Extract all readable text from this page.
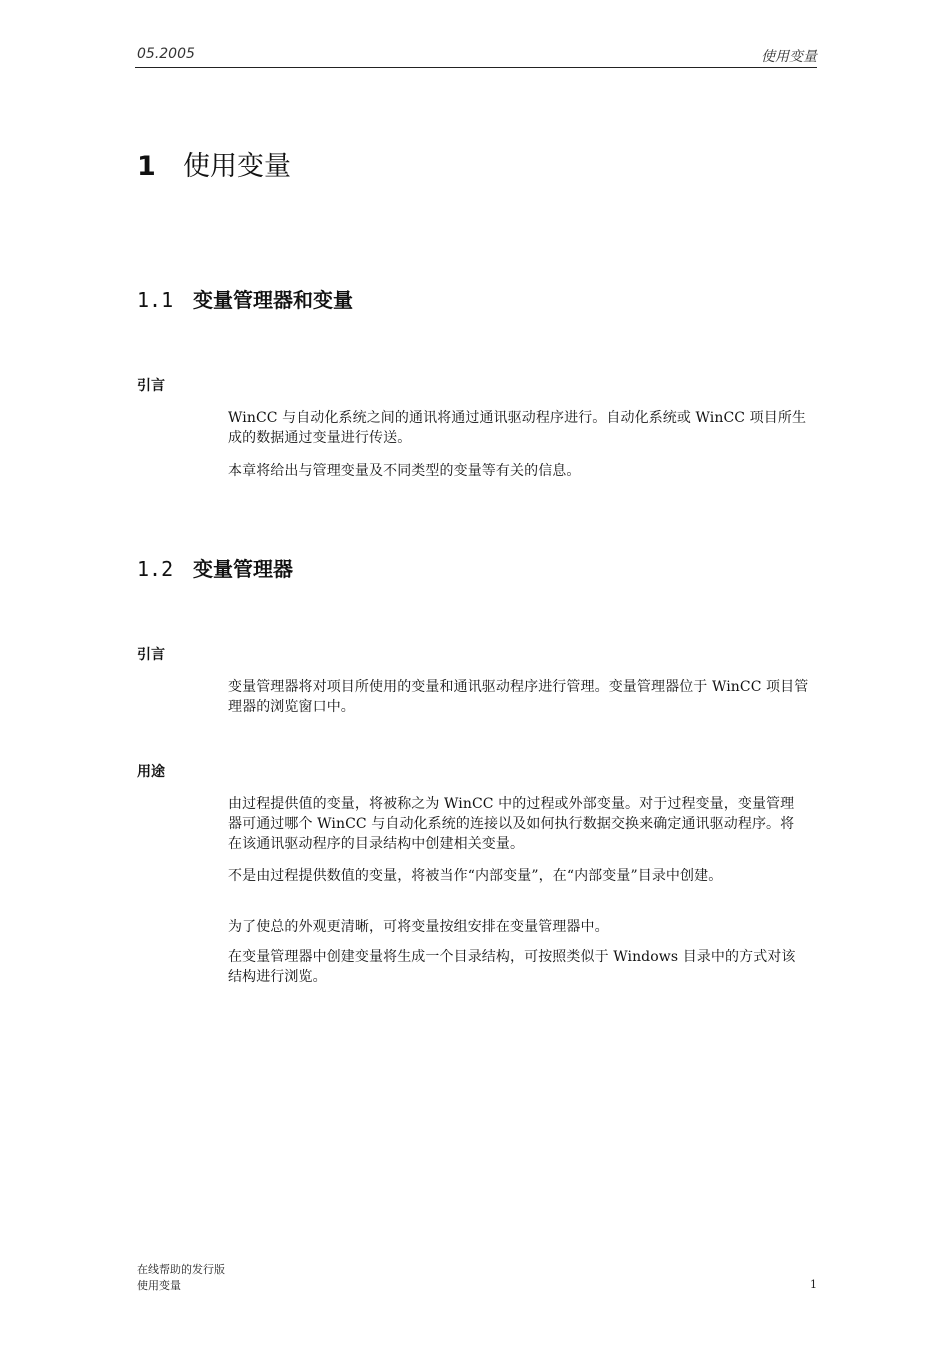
05.2005	使用变量
1 使用变量
1.1 变量管理器和变量
引言

WinCC 与自动化系统之间的通讯将通过通讯驱动程序进行。自动化系统或 WinCC 项目所生成的数据通过变量进行传送。

本章将给出与管理变量及不同类型的变量等有关的信息。

1.2 变量管理器
引言

变量管理器将对项目所使用的变量和通讯驱动程序进行管理。变量管理器位于 WinCC 项目管理器的浏览窗口中。

用途

由过程提供值的变量，将被称之为 WinCC 中的过程或外部变量。对于过程变量，变量管理器可通过哪个 WinCC 与自动化系统的连接以及如何执行数据交换来确定通讯驱动程序。将在该通讯驱动程序的目录结构中创建相关变量。

不是由过程提供数值的变量，将被当作“内部变量”，在“内部变量”目录中创建。

为了使总的外观更清晰，可将变量按组安排在变量管理器中。

在变量管理器中创建变量将生成一个目录结构，可按照类似于 Windows 目录中的方式对该结构进行浏览。

在线帮助的发行版
使用变量	1
